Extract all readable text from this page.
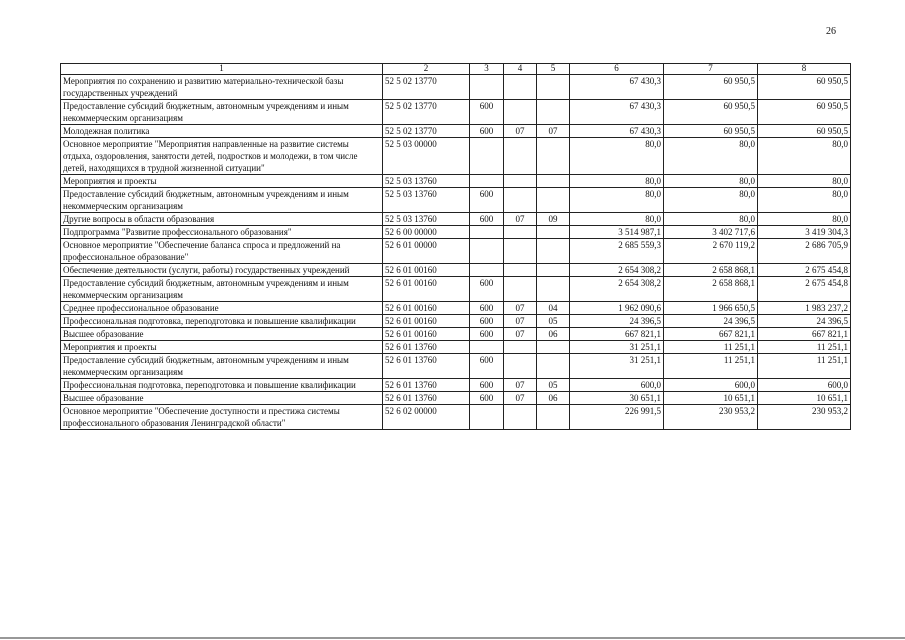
26
1	2	3	4	5	6	7	8
Мероприятия по сохранению и развитию материально-технической базы государственных учреждений	52 5 02 13770				67 430,3	60 950,5	60 950,5
Предоставление субсидий бюджетным, автономным учреждениям и иным некоммерческим организациям	52 5 02 13770	600			67 430,3	60 950,5	60 950,5
Молодежная политика	52 5 02 13770	600	07	07	67 430,3	60 950,5	60 950,5
Основное мероприятие "Мероприятия направленные на развитие системы отдыха, оздоровления, занятости детей, подростков и молодежи, в том числе детей, находящихся в трудной жизненной ситуации"	52 5 03 00000				80,0	80,0	80,0
Мероприятия и проекты	52 5 03 13760				80,0	80,0	80,0
Предоставление субсидий бюджетным, автономным учреждениям и иным некоммерческим организациям	52 5 03 13760	600			80,0	80,0	80,0
Другие вопросы в области образования	52 5 03 13760	600	07	09	80,0	80,0	80,0
Подпрограмма "Развитие профессионального образования"	52 6 00 00000				3 514 987,1	3 402 717,6	3 419 304,3
Основное мероприятие "Обеспечение баланса спроса и предложений на профессиональное образование"	52 6 01 00000				2 685 559,3	2 670 119,2	2 686 705,9
Обеспечение деятельности (услуги, работы) государственных учреждений	52 6 01 00160				2 654 308,2	2 658 868,1	2 675 454,8
Предоставление субсидий бюджетным, автономным учреждениям и иным некоммерческим организациям	52 6 01 00160	600			2 654 308,2	2 658 868,1	2 675 454,8
Среднее профессиональное образование	52 6 01 00160	600	07	04	1 962 090,6	1 966 650,5	1 983 237,2
Профессиональная подготовка, переподготовка и повышение квалификации	52 6 01 00160	600	07	05	24 396,5	24 396,5	24 396,5
Высшее образование	52 6 01 00160	600	07	06	667 821,1	667 821,1	667 821,1
Мероприятия и проекты	52 6 01 13760				31 251,1	11 251,1	11 251,1
Предоставление субсидий бюджетным, автономным учреждениям и иным некоммерческим организациям	52 6 01 13760	600			31 251,1	11 251,1	11 251,1
Профессиональная подготовка, переподготовка и повышение квалификации	52 6 01 13760	600	07	05	600,0	600,0	600,0
Высшее образование	52 6 01 13760	600	07	06	30 651,1	10 651,1	10 651,1
Основное мероприятие "Обеспечение доступности и престижа системы профессионального образования Ленинградской области"	52 6 02 00000				226 991,5	230 953,2	230 953,2
